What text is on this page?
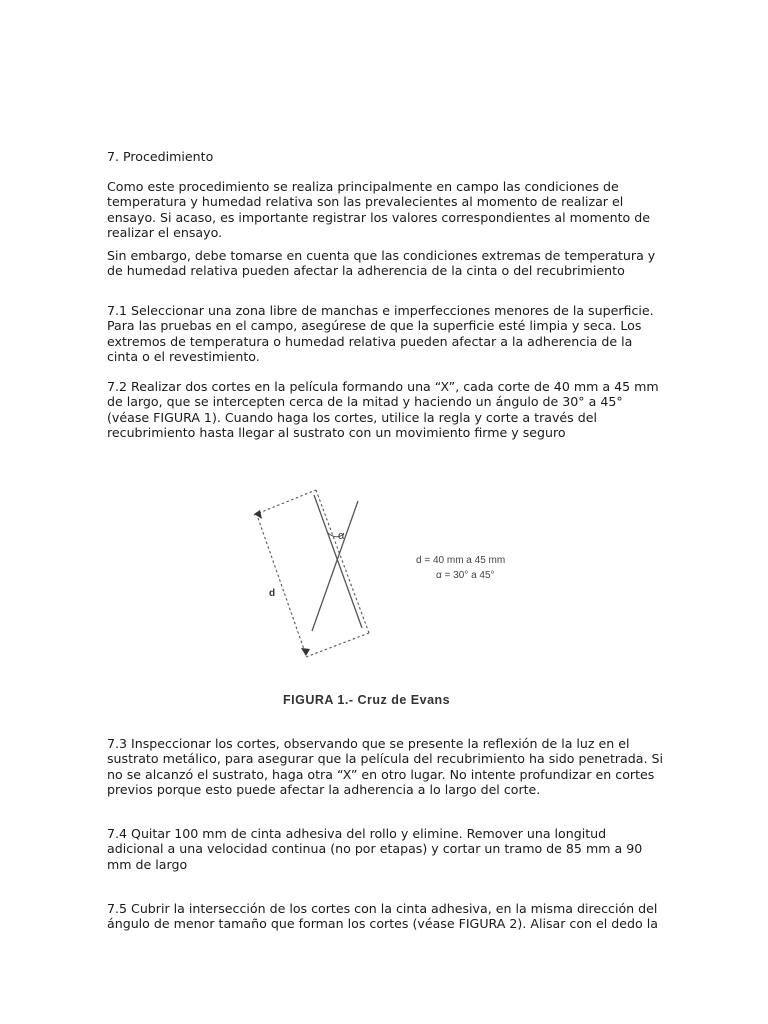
7. Procedimiento

Como este procedimiento se realiza principalmente en campo las condiciones de temperatura y humedad relativa son las prevalecientes al momento de realizar el ensayo. Si acaso, es importante registrar los valores correspondientes al momento de realizar el ensayo.

Sin embargo, debe tomarse en cuenta que las condiciones extremas de temperatura y de humedad relativa pueden afectar la adherencia de la cinta o del recubrimiento

7.1 Seleccionar una zona libre de manchas e imperfecciones menores de la superficie. Para las pruebas en el campo, asegúrese de que la superficie esté limpia y seca. Los extremos de temperatura o humedad relativa pueden afectar a la adherencia de la cinta o el revestimiento.

7.2 Realizar dos cortes en la película formando una “X”, cada corte de 40 mm a 45 mm de largo, que se intercepten cerca de la mitad y haciendo un ángulo de 30° a 45° (véase FIGURA 1). Cuando haga los cortes, utilice la regla y corte a través del recubrimiento hasta llegar al sustrato con un movimiento firme y seguro

α
d
d = 40 mm a 45 mm
α = 30° a 45°
FIGURA 1.- Cruz de Evans

7.3 Inspeccionar los cortes, observando que se presente la reflexión de la luz en el sustrato metálico, para asegurar que la película del recubrimiento ha sido penetrada. Si no se alcanzó el sustrato, haga otra “X” en otro lugar. No intente profundizar en cortes previos porque esto puede afectar la adherencia a lo largo del corte.

7.4 Quitar 100 mm de cinta adhesiva del rollo y elimine. Remover una longitud adicional a una velocidad continua (no por etapas) y cortar un tramo de 85 mm a 90 mm de largo

7.5 Cubrir la intersección de los cortes con la cinta adhesiva, en la misma dirección del ángulo de menor tamaño que forman los cortes (véase FIGURA 2). Alisar con el dedo la
